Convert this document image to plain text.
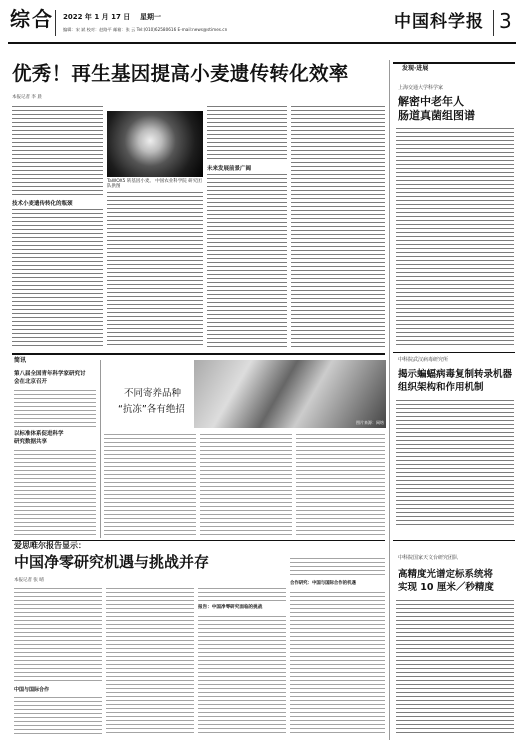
综合 2022 年 1 月 17 日 星期一
编辑：宋 斌 校对：赵路平 邮箱：张 云 Tel:(010)62580616 E-mail:news@stimes.cn	中国科学报 3
优秀！再生基因提高小麦遗传转化效率
本报记者 李 晨
技术小麦遗传转化的瓶颈
TaWOX5 转基因小麦。 中国农业科学院 研究团队供图
未来发展前景广阔
发现·进展
上海交通大学科学家
解密中老年人
肠道真菌组图谱
中科院武汉病毒研究所
揭示蝙蝠病毒复制转录机器
组织架构和作用机制
中科院国家天文台研究团队
高精度光谱定标系统将
实现 10 厘米／秒精度
简讯
第八届全国青年科学家研究讨
会在北京召开
以标准体系促进科学
研究数据共享
不同寄养品种
“抗冻”各有绝招
图片来源：网络
爱思唯尔报告显示：
中国净零研究机遇与挑战并存
本报记者 张 晴
中国与国际合作
报告：中国净零研究面临的挑战
合作研究：中国与国际合作的机遇
